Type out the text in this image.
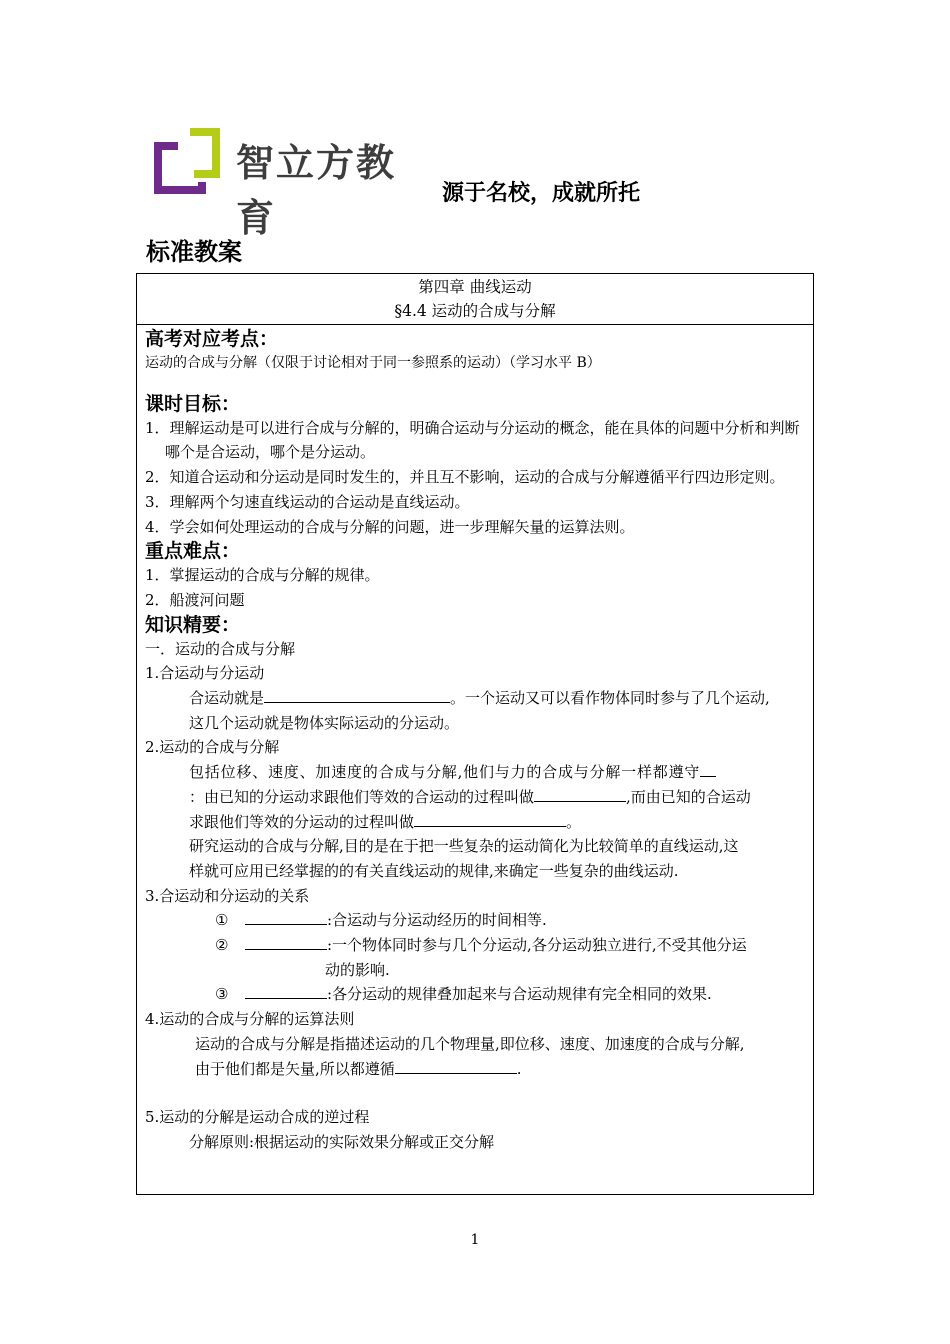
智立方教育
源于名校，成就所托
标准教案
第四章 曲线运动
§4.4 运动的合成与分解
高考对应考点：
运动的合成与分解（仅限于讨论相对于同一参照系的运动）（学习水平 B）
课时目标：
1．理解运动是可以进行合成与分解的，明确合运动与分运动的概念，能在具体的问题中分析和判断哪个是合运动，哪个是分运动。
2．知道合运动和分运动是同时发生的，并且互不影响，运动的合成与分解遵循平行四边形定则。
3．理解两个匀速直线运动的合运动是直线运动。
4．学会如何处理运动的合成与分解的问题，进一步理解矢量的运算法则。
重点难点：
1．掌握运动的合成与分解的规律。
2．船渡河问题
知识精要：
一．运动的合成与分解
1.合运动与分运动
合运动就是	。一个运动又可以看作物体同时参与了几个运动,
这几个运动就是物体实际运动的分运动。
2.运动的合成与分解
包括位移、速度、加速度的合成与分解,他们与力的合成与分解一样都遵守
：由已知的分运动求跟他们等效的合运动的过程叫做	,而由已知的合运动
求跟他们等效的分运动的过程叫做	。
研究运动的合成与分解,目的是在于把一些复杂的运动简化为比较简单的直线运动,这
样就可应用已经掌握的的有关直线运动的规律,来确定一些复杂的曲线运动.
3.合运动和分运动的关系
①	:合运动与分运动经历的时间相等.
②	:一个物体同时参与几个分运动,各分运动独立进行,不受其他分运
动的影响.
③	:各分运动的规律叠加起来与合运动规律有完全相同的效果.
4.运动的合成与分解的运算法则
运动的合成与分解是指描述运动的几个物理量,即位移、速度、加速度的合成与分解,
由于他们都是矢量,所以都遵循	.
5.运动的分解是运动合成的逆过程
分解原则:根据运动的实际效果分解或正交分解
1
